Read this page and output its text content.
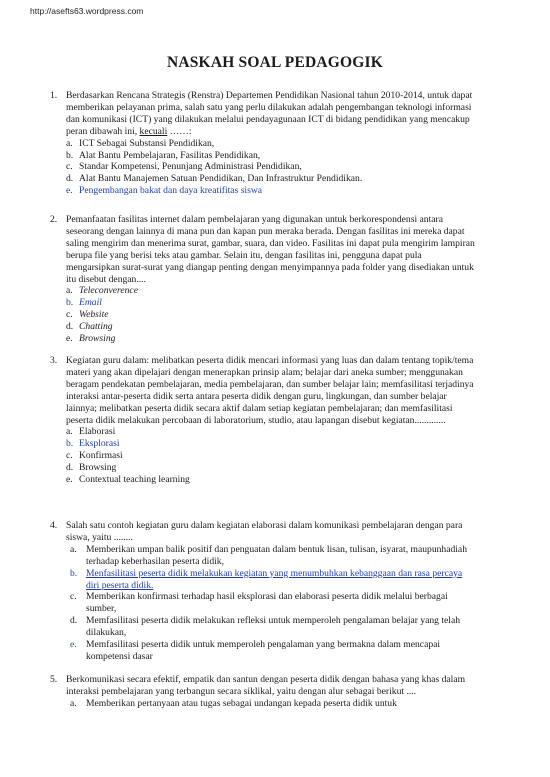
http://asefts63.wordpress.com
NASKAH SOAL PEDAGOGIK
1. Berdasarkan Rencana Strategis (Renstra) Departemen Pendidikan Nasional tahun 2010-2014, untuk dapat memberikan pelayanan prima, salah satu yang perlu dilakukan adalah pengembangan teknologi informasi dan komunikasi (ICT) yang dilakukan melalui pendayagunaan ICT di bidang pendidikan yang mencakup peran dibawah ini, kecuali ……:

a. ICT Sebagai Substansi Pendidikan,
b. Alat Bantu Pembelajaran, Fasilitas Pendidikan,
c. Standar Kompetensi, Penunjang Administrasi Pendidikan,
d. Alat Bantu Manajemen Satuan Pendidikan, Dan Infrastruktur Pendidikan.
e. Pengembangan bakat dan daya kreatifitas siswa
2. Pemanfaatan fasilitas internet dalam pembelajaran yang digunakan untuk berkorespondensi antara seseorang dengan lainnya di mana pun dan kapan pun meraka berada. Dengan fasilitas ini mereka dapat saling mengirim dan menerima surat, gambar, suara, dan video. Fasilitas ini dapat pula mengirim lampiran berupa file yang berisi teks atau gambar. Selain itu, dengan fasilitas ini, pengguna dapat pula mengarsipkan surat-surat yang diangap penting dengan menyimpannya pada folder yang disediakan untuk itu disebut dengan....

a. Teleconverence
b. Email
c. Website
d. Chatting
e. Browsing
3. Kegiatan guru dalam: melibatkan peserta didik mencari informasi yang luas dan dalam tentang topik/tema materi yang akan dipelajari dengan menerapkan prinsip alam; belajar dari aneka sumber; menggunakan beragam pendekatan pembelajaran, media pembelajaran, dan sumber belajar lain; memfasilitasi terjadinya interaksi antar-peserta didik serta antara peserta didik dengan guru, lingkungan, dan sumber belajar lainnya; melibatkan peserta didik secara aktif dalam setiap kegiatan pembelajaran; dan memfasilitasi peserta didik melakukan percobaan di laboratorium, studio, atau lapangan disebut kegiatan.............

a. Elaborasi
b. Eksplorasi
c. Konfirmasi
d. Browsing
e. Contextual teaching learning
4. Salah satu contoh kegiatan guru dalam kegiatan elaborasi dalam komunikasi pembelajaran dengan para siswa, yaitu ........

a. Memberikan umpan balik positif dan penguatan dalam bentuk lisan, tulisan, isyarat, maupunhadiah terhadap keberhasilan peserta didik,
b. Menfasilitasi peserta didik melakukan kegiatan yang menumbuhkan kebanggaan dan rasa percaya diri peserta didik.
c. Memberikan konfirmasi terhadap hasil eksplorasi dan elaborasi peserta didik melalui berbagai sumber,
d. Memfasilitasi peserta didik melakukan refleksi untuk memperoleh pengalaman belajar yang telah dilakukan,
e. Memfasilitasi peserta didik untuk memperoleh pengalaman yang bermakna dalam mencapai kompetensi dasar
5. Berkomunikasi secara efektif, empatik dan santun dengan peserta didik dengan bahasa yang khas dalam interaksi pembelajaran yang terbangun secara siklikal, yaitu dengan alur sebagai berikut ....

a. Memberikan pertanyaan atau tugas sebagai undangan kepada peserta didik untuk
